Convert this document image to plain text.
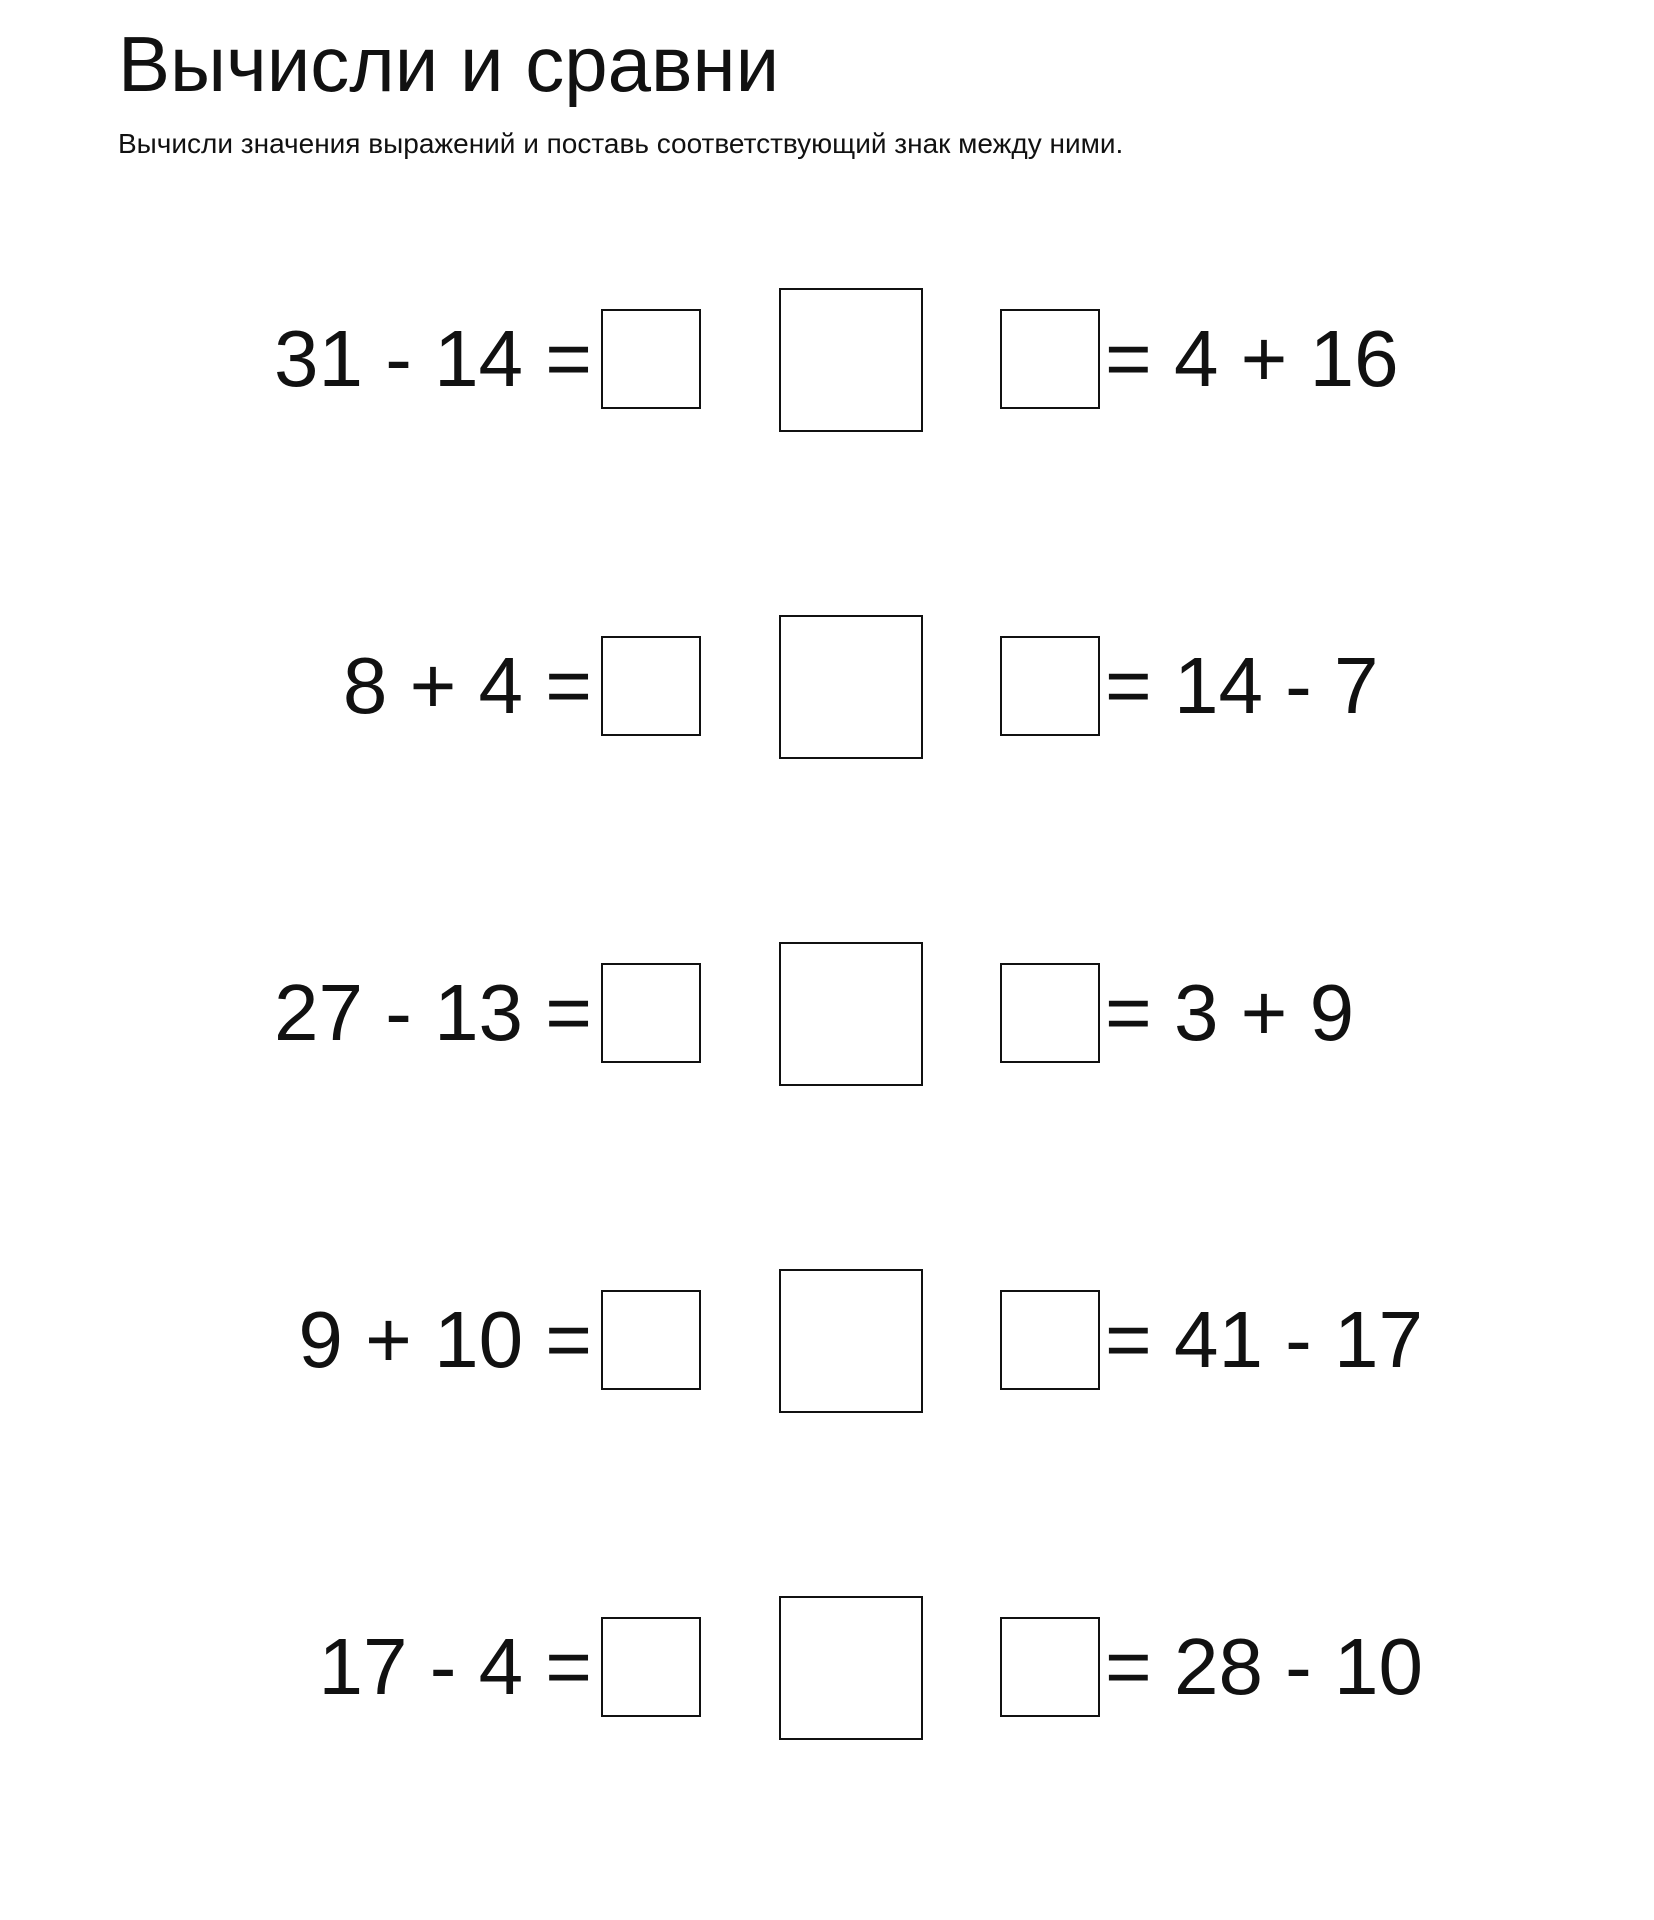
Вычисли и сравни

Вычисли значения выражений и поставь соответствующий знак между ними.

31 - 14 =	= 4 + 16
8 + 4 =	= 14 - 7
27 - 13 =	= 3 + 9
9 + 10 =	= 41 - 17
17 - 4 =	= 28 - 10
